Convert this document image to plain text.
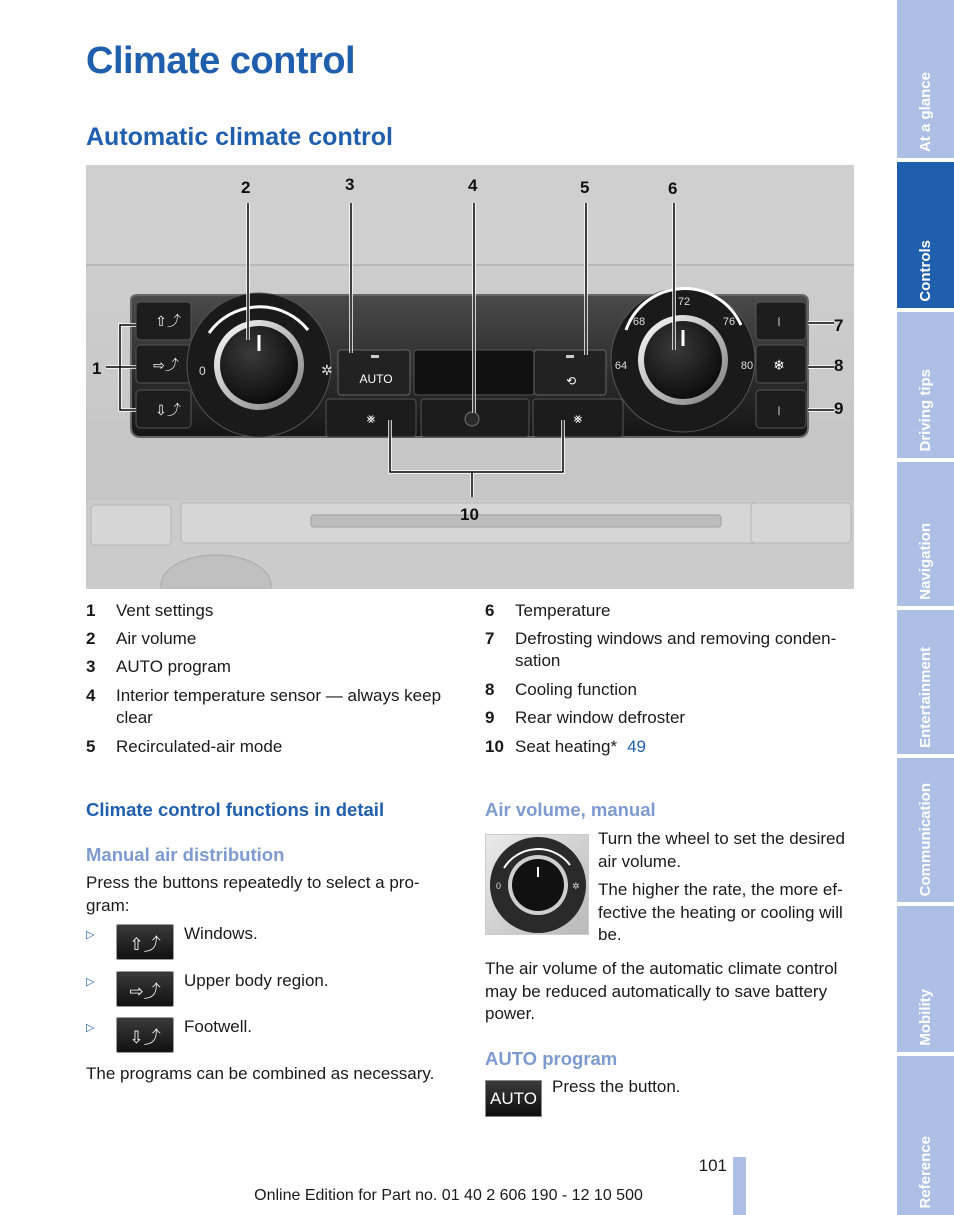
Climate control
Automatic climate control
⇧⤴
⇨⤴
⇩⤴
0	✲
AUTO	⟲
⨳	⨳
72
68	76
64	80
⧙
❄
⧙
1
2	3	4	5	6
7
8
9
10
1	Vent settings
2	Air volume
3	AUTO program
4	Interior temperature sensor — always keep clear
5	Recirculated-air mode
6	Temperature
7	Defrosting windows and removing conden-sation
8	Cooling function
9	Rear window defroster
10 Seat heating* 49
Climate control functions in detail
Manual air distribution
Press the buttons repeatedly to select a pro-gram:
▷	⇧⤴
Windows.
▷	⇨⤴
Upper body region.
▷	⇩⤴
Footwell.
The programs can be combined as necessary.
Air volume, manual
0	✲
Turn the wheel to set the desired air volume.
The higher the rate, the more ef-fective the heating or cooling will be.
The air volume of the automatic climate control may be reduced automatically to save battery power.
AUTO program
AUTO
Press the button.
At a glance
Controls
Driving tips
Navigation
Entertainment
Communication
Mobility
Reference
101
Online Edition for Part no. 01 40 2 606 190 - 12 10 500
